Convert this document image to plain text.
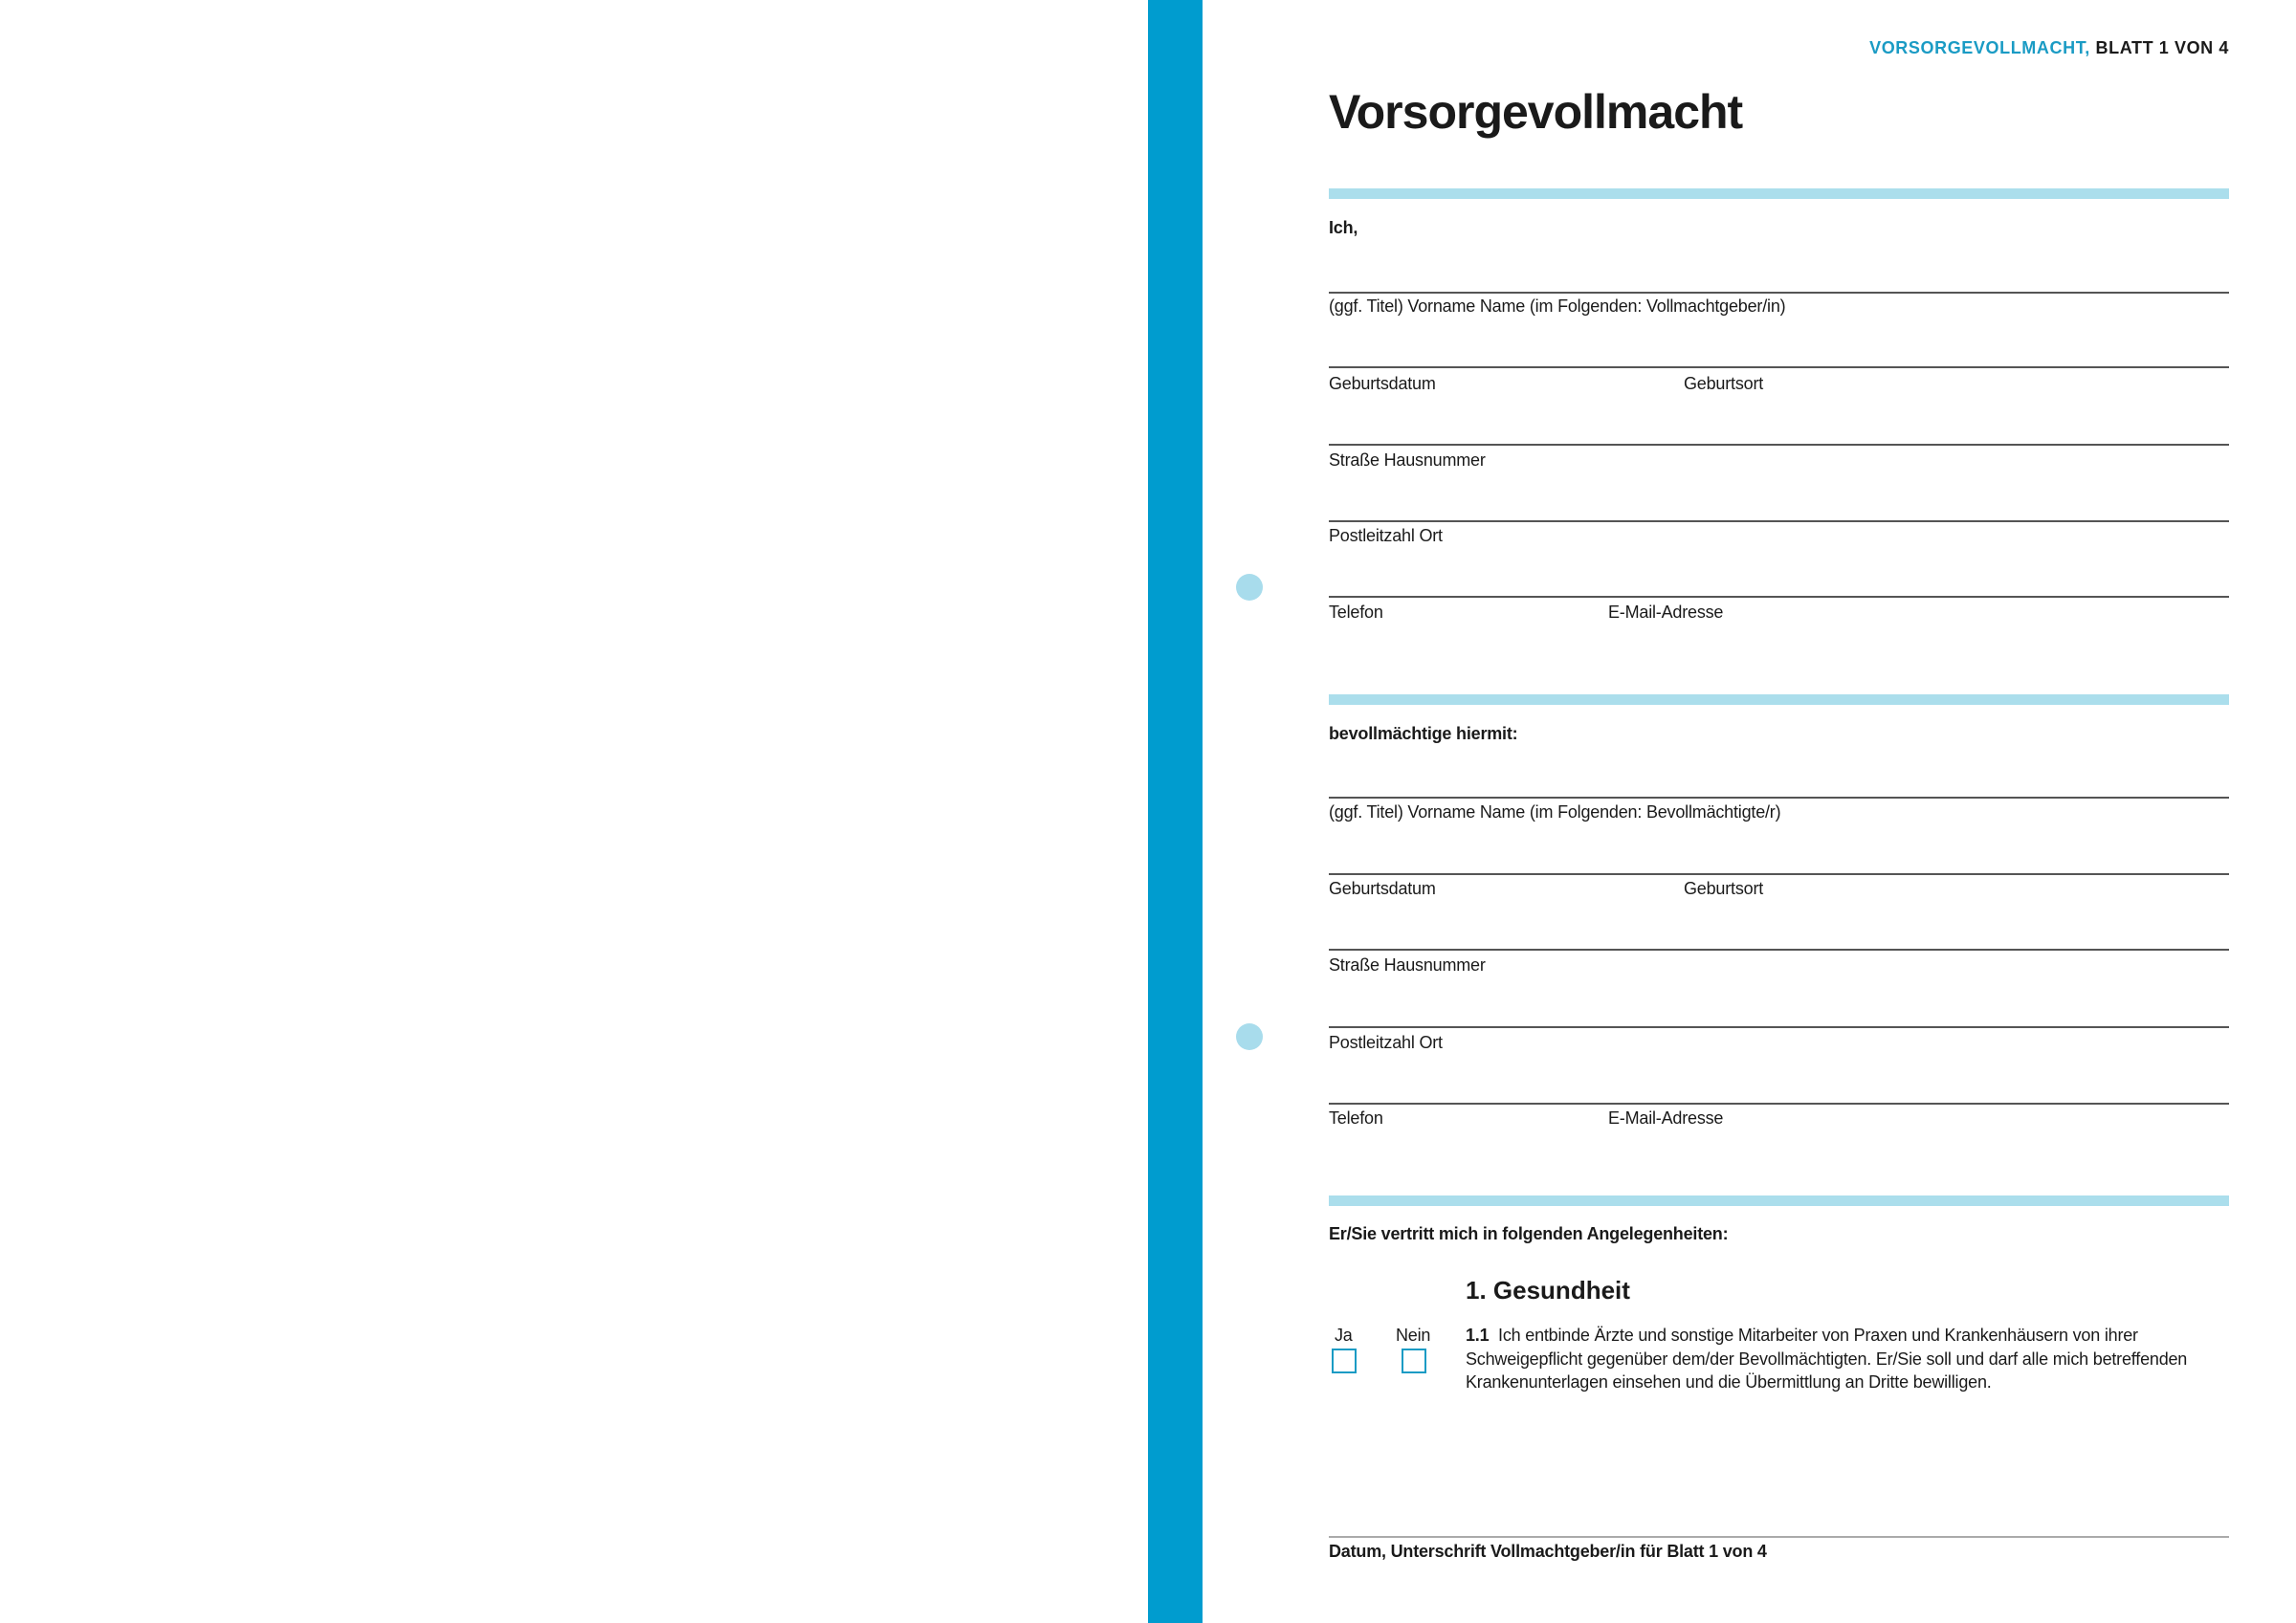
VORSORGEVOLLMACHT, BLATT 1 VON 4
Vorsorgevollmacht
Ich,
(ggf. Titel) Vorname Name (im Folgenden: Vollmachtgeber/in)
Geburtsdatum	Geburtsort
Straße Hausnummer
Postleitzahl Ort
Telefon	E-Mail-Adresse
bevollmächtige hiermit:
(ggf. Titel) Vorname Name (im Folgenden: Bevollmächtigte/r)
Geburtsdatum	Geburtsort
Straße Hausnummer
Postleitzahl Ort
Telefon	E-Mail-Adresse
Er/Sie vertritt mich in folgenden Angelegenheiten:
1. Gesundheit
Ja	Nein 1.1 Ich entbinde Ärzte und sonstige Mitarbeiter von Praxen und Krankenhäusern von ihrer Schweigepflicht gegenüber dem/der Bevollmächtigten. Er/Sie soll und darf alle mich betreffenden Krankenunterlagen einsehen und die Übermittlung an Dritte bewilligen.
Datum, Unterschrift Vollmachtgeber/in für Blatt 1 von 4
